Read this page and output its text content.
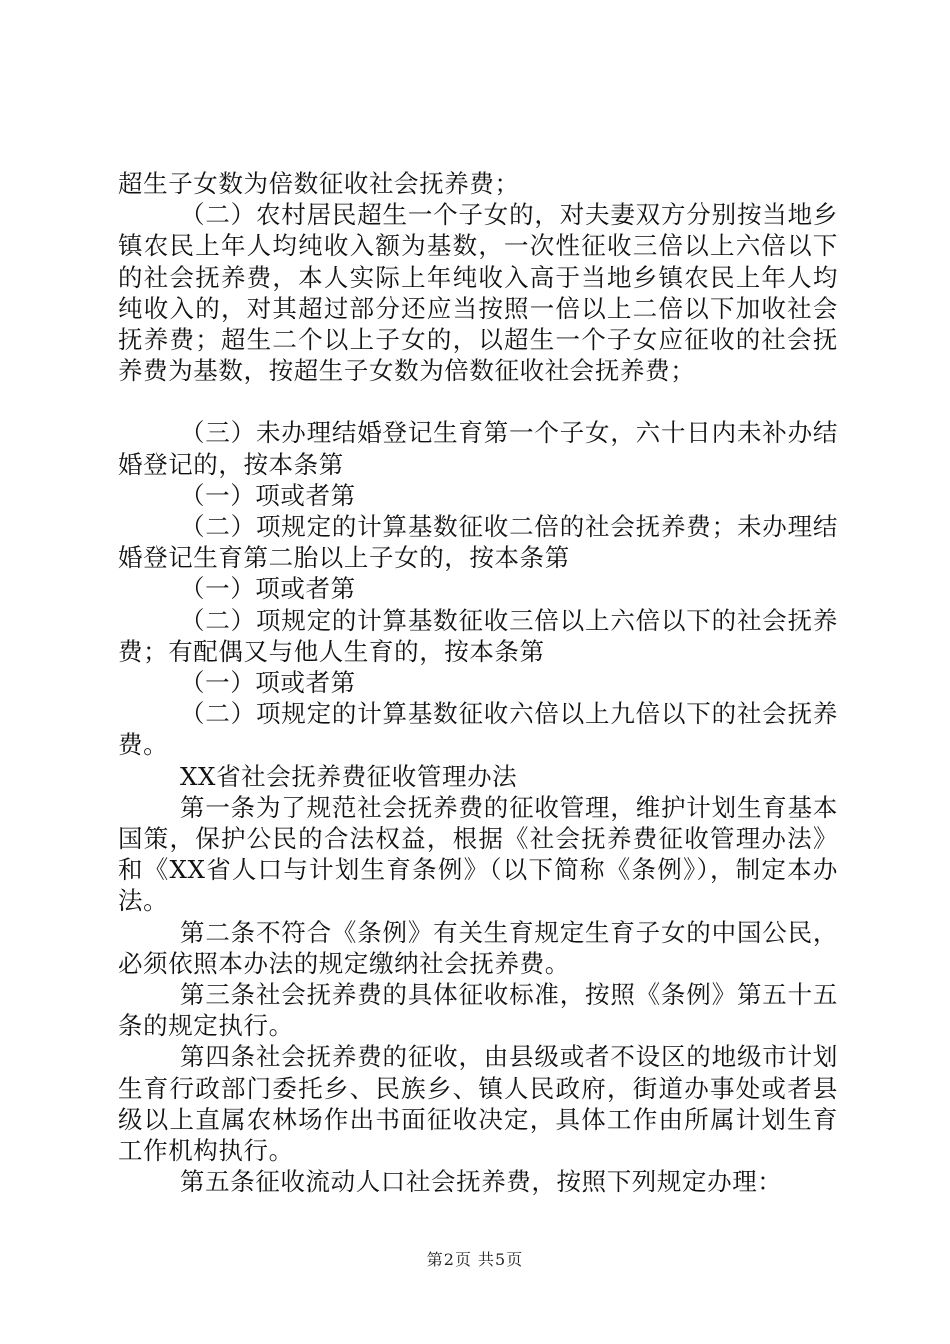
超生子女数为倍数征收社会抚养费；

（二）农村居民超生一个子女的，对夫妻双方分别按当地乡镇农民上年人均纯收入额为基数，一次性征收三倍以上六倍以下的社会抚养费，本人实际上年纯收入高于当地乡镇农民上年人均纯收入的，对其超过部分还应当按照一倍以上二倍以下加收社会抚养费；超生二个以上子女的，以超生一个子女应征收的社会抚养费为基数，按超生子女数为倍数征收社会抚养费；

（三）未办理结婚登记生育第一个子女，六十日内未补办结婚登记的，按本条第

（一）项或者第

（二）项规定的计算基数征收二倍的社会抚养费；未办理结婚登记生育第二胎以上子女的，按本条第

（一）项或者第

（二）项规定的计算基数征收三倍以上六倍以下的社会抚养费；有配偶又与他人生育的，按本条第

（一）项或者第

（二）项规定的计算基数征收六倍以上九倍以下的社会抚养费。

XX省社会抚养费征收管理办法

第一条为了规范社会抚养费的征收管理，维护计划生育基本国策，保护公民的合法权益，根据《社会抚养费征收管理办法》和《XX省人口与计划生育条例》（以下简称《条例》），制定本办法。

第二条不符合《条例》有关生育规定生育子女的中国公民，必须依照本办法的规定缴纳社会抚养费。

第三条社会抚养费的具体征收标准，按照《条例》第五十五条的规定执行。

第四条社会抚养费的征收，由县级或者不设区的地级市计划生育行政部门委托乡、民族乡、镇人民政府，街道办事处或者县级以上直属农林场作出书面征收决定，具体工作由所属计划生育工作机构执行。

第五条征收流动人口社会抚养费，按照下列规定办理：

第2页 共5页
